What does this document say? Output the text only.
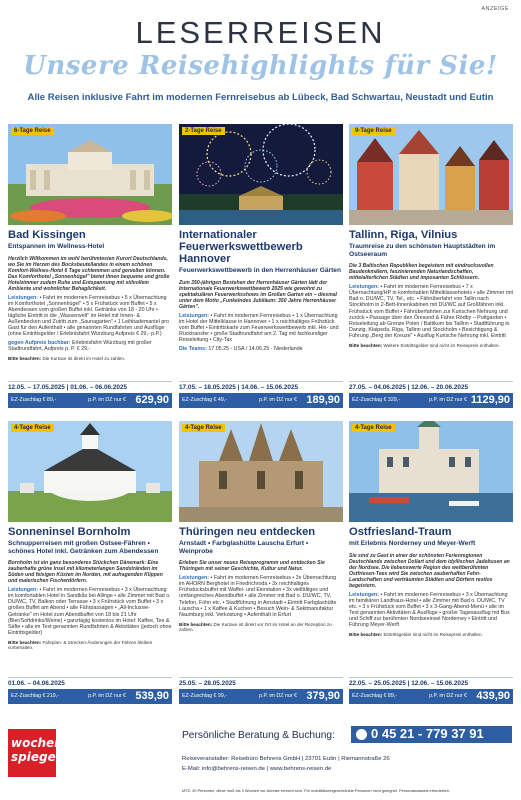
ANZEIGE
LESERREISEN
Unsere Reisehighlights für Sie!
Alle Reisen inklusive Fahrt im modernen Fernreisebus ab Lübeck, Bad Schwartau, Neustadt und Eutin
6-Tage Reise
Bad Kissingen
Entspannen im Wellness-Hotel
Herzlich Willkommen im wohl berühmtesten Kurort Deutschlands, wo Sie im Herzen des Bocksbeutellandes in einem schönen Komfort-Wellnes-Hotel 6 Tage schlemmen und genießen können. Das Komforthotel „Sonnenhügel" bietet ihnen bequeme und große Hotelzimmer zudem Ruhe und Entspannung mit stilvollem Ambiente und wohnlicher Behaglichkeit.
Leistungen: • Fahrt im modernen Fernreisebus • 5 x Übernachtung im Komforthotel „Sonnenhügel" • 5 x Frühstück vom Buffet • 5 x Abendessen vom großen Buffet inkl. Getränke von 18 - 20 Uhr • tägliche Eintritt in die „Wasserwelt" im Hotel mit Innen- & Außenbecken und Zutritt zum „Saunagarten" • 1 Leihbademantel pro Gast für den Aufenthalt • alle genannten Rundfahrten und Ausflüge (ohne Eintrittsgelder / Erlebnisfahrt Würzburg Aufpreis € 29,- p.P.)
gegen Aufpreis buchbar: Erlebnisfahrt Würzburg mit großer Stadtrundfahrt, Aufpreis p. P. € 29,-
Bitte beachten: Die Kurtaxe ist direkt im Hotel zu zahlen.
12.05. – 17.05.2025 | 01.06. – 06.06.2025
EZ-Zuschlag € 89,-	p.P. im DZ nur € 629,90
2-Tage Reise
Internationaler Feuerwerkswettbewerb Hannover
Feuerwerkswettbewerb in den Herrenhäuser Gärten
Zum 350-jährigen Bestehen der Herrenhäuser Gärten lädt der Internationale Feuerwerkswettbewerb 2025 wie gewohnt zu spektakulären Feuerwerksshows im Großen Garten ein – diesmal unter dem Motto „Funkelndes Jubiläum: 350 Jahre Herrenhäuser Gärten".
Leistungen: • Fahrt im modernen Fernreisebus • 1 x Übernachtung im Hotel der Mittelklasse in Hannover • 1 x reichhaltiges Frühstück vom Buffet • Eintrittskarte zum Feuerwerkswettbewerb inkl. Hin- und Rücktransfer • große Stadtrundfahrt am 2. Tag mit fachkundiger Reiseleitung • City-Tax
Die Teams: 17.05.25 - USA / 14.06.25 - Niederlande
17.05. – 18.05.2025 | 14.06. – 15.06.2025
EZ-Zuschlag € 49,-	p.P. im DZ nur € 189,90
9-Tage Reise
Tallinn, Riga, Vilnius
Traumreise zu den schönsten Hauptstädten im Ostseeraum
Die 3 Baltischen Republiken begeistern mit eindrucksvollen Baudenkmälern, faszinierenden Naturlandschaften, mittelalterlichen Städten und imposanten Schlössern.
Leistungen: • Fahrt im modernen Fernreisebus • 7 x Übernachtung/HP in komfortablen Mittelklassehotels • alle Zimmer mit Bad o. DU/WC, TV, Tel., etc. • Fährüberfahrt von Tallin nach Stockholm in 2-Bett-Innenkabinen mit DU/WC auf Großfähren inkl. Frühstück vom Buffet • Fährüberfahrten zur Kurischen Nehrung und zurück • Passage über den Öresund & Fähre Rödby – Puttgarden • Reiseleitung ab Grenze Polen / Baltikum bis Tallinn • Stadtführung in Danzig, Klaipeda, Riga, Tallinn und Stockholm • Besichtigung & Führung „Berg der Kreuze" • Ausflug Kurische Nehrung inkl. Eintritt
Bitte beachten: Weitere Eintrittsgelder sind nicht im Reisepreis enthalten.
27.05. – 04.06.2025 | 12.06. – 20.06.2025
EZ-Zuschlag € 329,-	p.P. im DZ nur € 1129,90
4-Tage Reise
Sonneninsel Bornholm
Schnupperreisen mit großen Ostsee-Fähren • schönes Hotel inkl. Getränken zum Abendessen
Bornholm ist ein ganz besonderes Stückchen Dänemark: Eine zauberhafte grüne Insel mit kilometerlangen Sandstränden im Süden und felsigen Küsten im Norden, mit aufragenden Klippen und malerischen Fischerdörfern.
Leistungen: • Fahrt im modernen Fernreisebus • 3 x Übernachtung im komfortablen Hotel in Sandkås bei Allinge • alle Zimmer mit Bad o. DU/WC, TV, Balkon oder Terrasse • 3 x Frühstück vom Buffet • 3 x großes Buffet am Abend • alle Fährpassagen • „All-Inclusive-Getränke" im Hotel zum Abendbuffet von 18 bis 21 Uhr (Bier/Softdrinks/Weine) • ganztägig kostenlos im Hotel: Kaffee, Tee & Säfte • alle im Text genannten Rundfahrten & Aktivitäten (jedoch ohne Eintrittsgelder)
Bitte beachten: Fahrplan- & Strecken-Änderungen der Fähren bleiben vorbehalten.
01.06. – 04.06.2025
EZ-Zuschlag € 219,-	p.P. im DZ nur € 539,90
4-Tage Reise
Thüringen neu entdecken
Arnstadt • Farbglashütte Lauscha Erfurt • Weinprobe
Erleben Sie unser neues Reiseprogramm und entdecken Sie Thüringen mit seiner Geschichte, Kultur und Natur.
Leistungen: • Fahrt im modernen Fernreisebus • 3x Übernachtung im AHORN Berghotel in Friedrichroda • 3x reichhaltiges Frühstücksbuffet mit Waffel- und Eierstation • 3x vielfältiges und umfangreiches Abendbuffet • alle Zimmer mit Bad o. DU/WC, TV, Telefon, Föhn etc. • Stadtführung in Arnstadt • Eintritt Farbglashütte Lauscha • 1 x Kaffee & Kuchen • Besuch Wein- & Sektmanufaktur Naumburg inkl. Verkostung • Aufenthalt in Erfurt
Bitte beachten: Die Kurtaxe ist direkt vor Ort im Hotel an der Rezeption zu zahlen.
25.05. – 28.05.2025
EZ-Zuschlag € 99,-	p.P. im DZ nur € 379,90
4-Tage Reise
Ostfriesland-Traum
mit Erlebnis Norderney und Meyer-Werft
Sie sind zu Gast in einer der schönsten Ferienregionen Deutschlands zwischen Dollart und dem idyllischen Jadebusen an der Nordsee. Die liebenswerte Region des weltberühmten Ostfriesen-Tees wird Sie zwischen zauberhaften Fehn-Landschaften und verträumten Städten und Dörfern restlos begeistern.
Leistungen: • Fahrt im modernen Fernreisebus • 3 x Übernachtung im familiären Landhaus-Hotel • alle Zimmer mit Bad o. DU/WC, TV etc. • 3 x Frühstück vom Buffet • 3 x 3-Gang-Abend-Menü • alle im Text genannten Aktivitäten & Ausflüge • großer Tagesausflug mit Bus und Schiff zur berühmten Nordseeinsel Norderney • Eintritt und Führung Meyer-Werft
Bitte beachten: Eintrittsgelder sind nicht im Reisepreis enthalten.
22.05. – 25.05.2025 | 12.06. – 15.06.2025
EZ-Zuschlag € 89,-	p.P. im DZ nur € 439,90
wochen
spiegel
Persönliche Beratung & Buchung:	0 45 21 - 779 37 91
Reiseveranstalter: Reisebüro Behrens GmbH | 23701 Eutin | Riemannstraße 26
E-Mail: info@behrens-reisen.de | www.behrens-reisen.de
MTZ: 30 Personen, diese muß bis 3 Wochen vor Anreise erreicht sein. Für mobilitätseingeschränkte Personen nicht geeignet. Personalausweis erforderlich.
